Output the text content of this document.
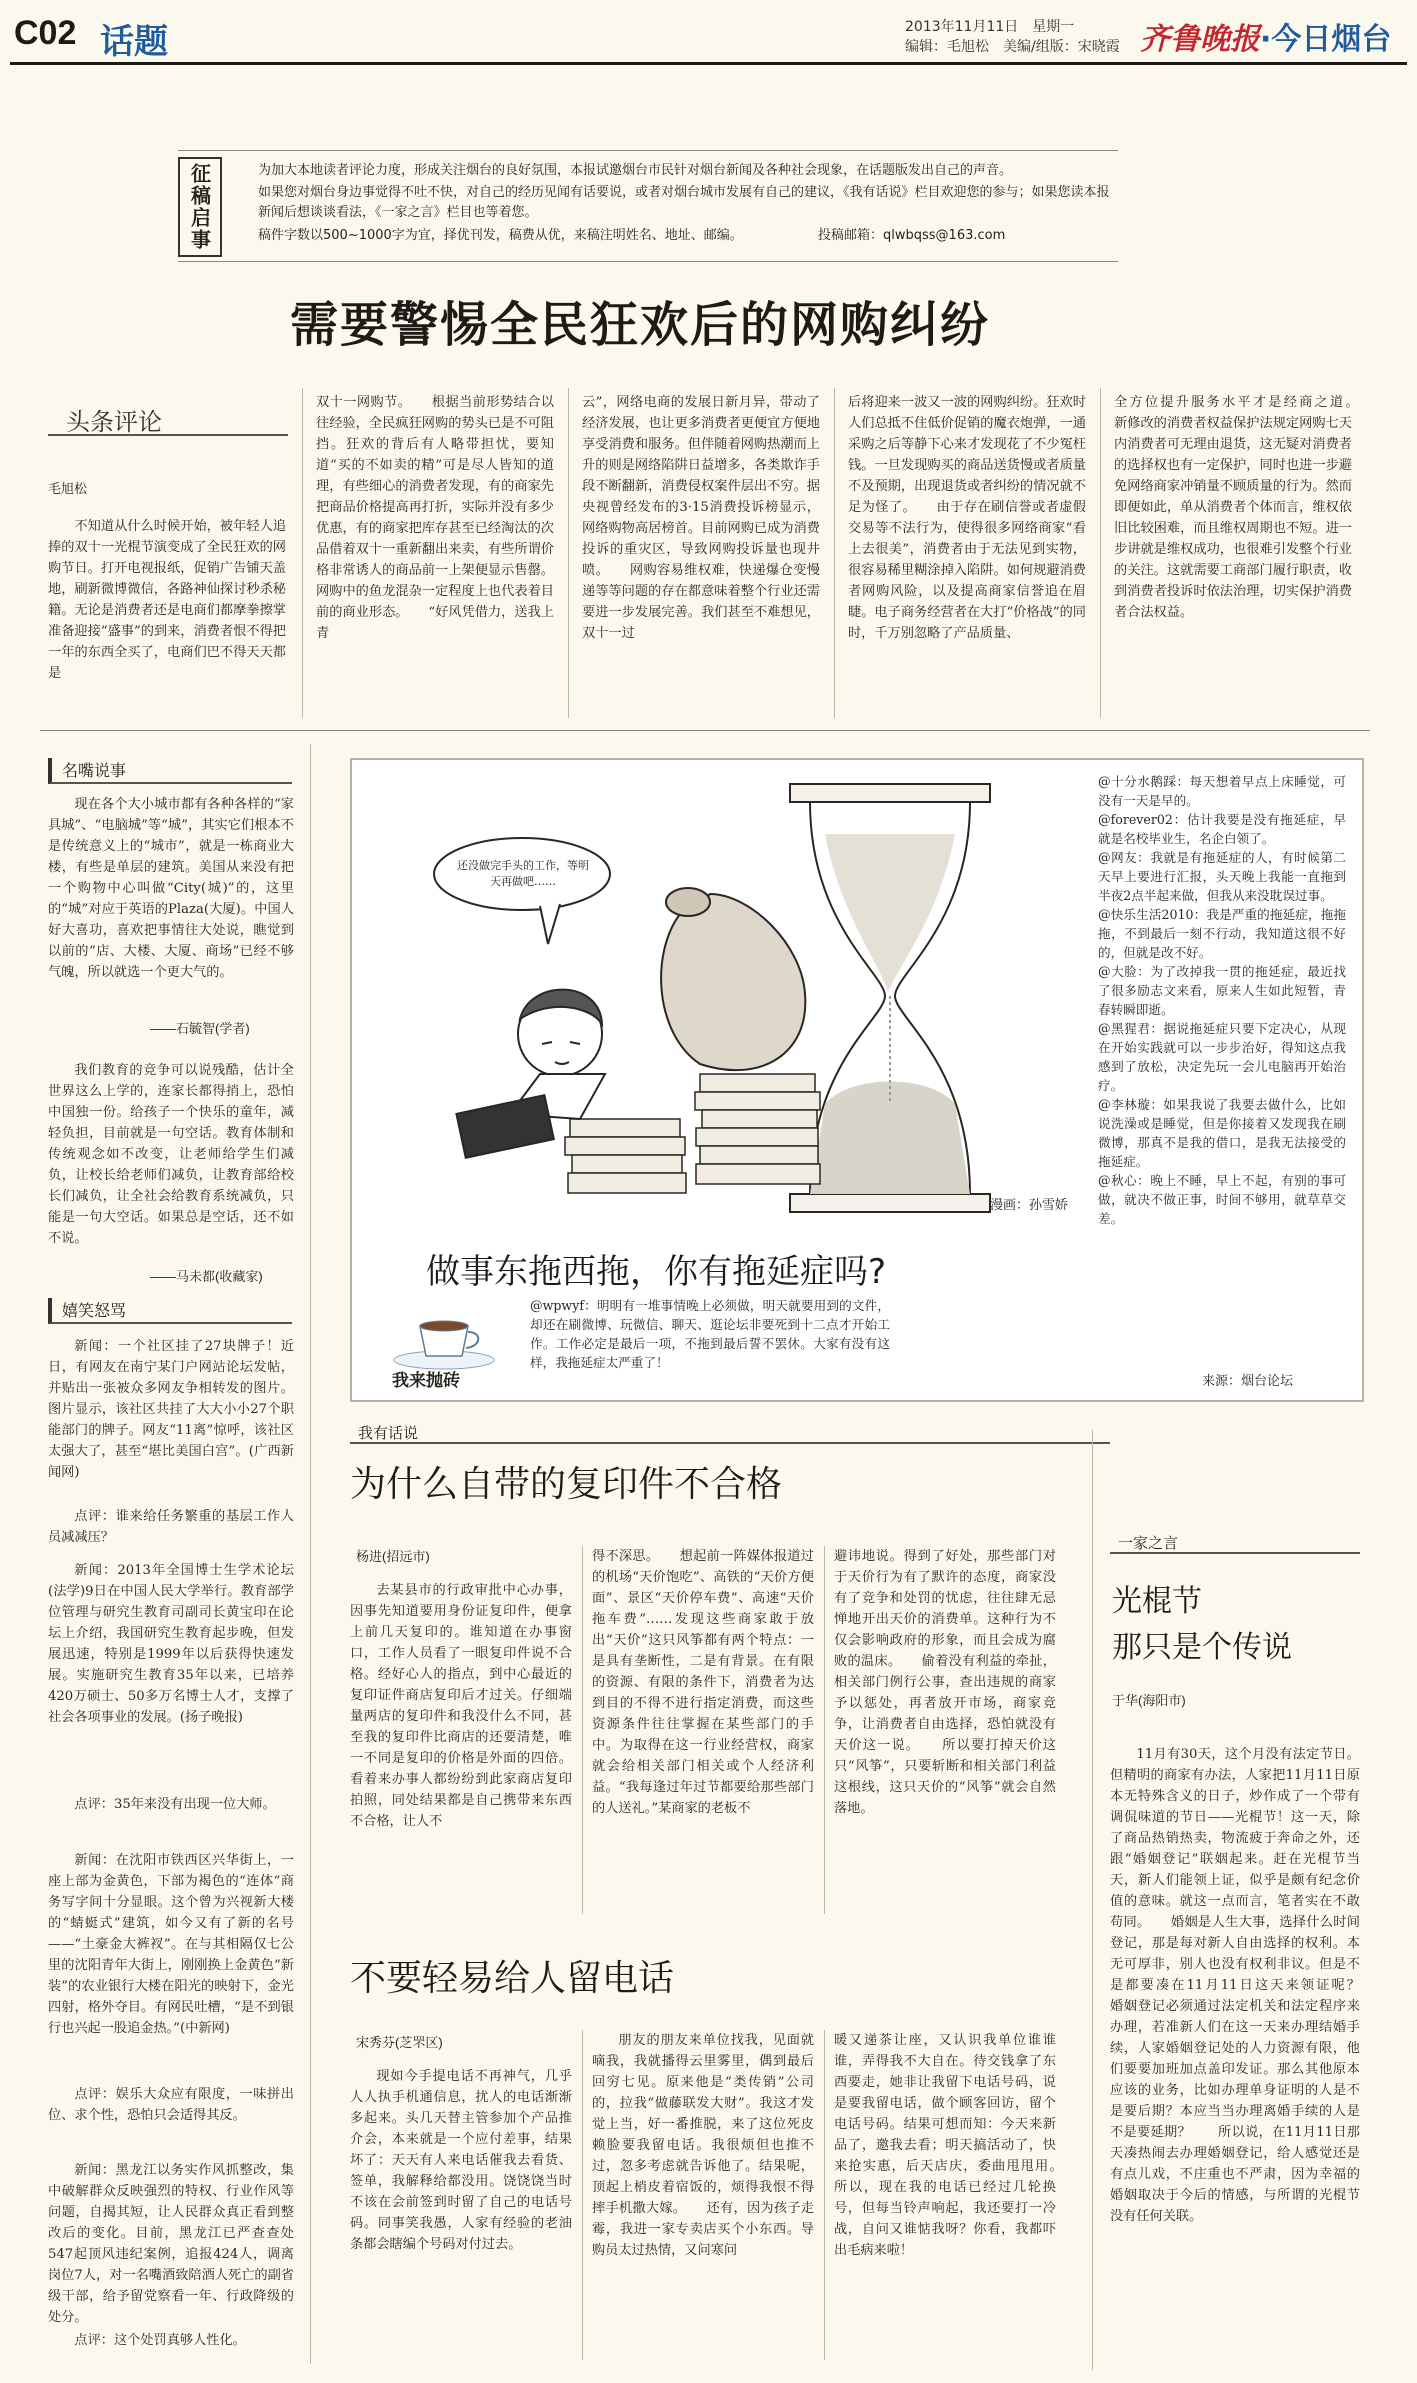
C02 话题	2013年11月11日　星期一
编辑：毛旭松　美编/组版：宋晓霞 齐鲁晚报·今日烟台
征稿启事	为加大本地读者评论力度，形成关注烟台的良好氛围，本报试邀烟台市民针对烟台新闻及各种社会现象，在话题版发出自己的声音。
如果您对烟台身边事觉得不吐不快，对自己的经历见闻有话要说，或者对烟台城市发展有自己的建议，《我有话说》栏目欢迎您的参与；如果您读本报新闻后想谈谈看法，《一家之言》栏目也等着您。
稿件字数以500~1000字为宜，择优刊发，稿费从优，来稿注明姓名、地址、邮编。	投稿邮箱：qlwbqss@163.com
需要警惕全民狂欢后的网购纠纷
头条评论
毛旭松
不知道从什么时候开始，被年轻人追捧的双十一光棍节演变成了全民狂欢的网购节日。打开电视报纸，促销广告铺天盖地，刷新微博微信，各路神仙探讨秒杀秘籍。无论是消费者还是电商们都摩拳擦掌准备迎接“盛事”的到来，消费者恨不得把一年的东西全买了，电商们巴不得天天都是
双十一网购节。　　根据当前形势结合以往经验，全民疯狂网购的势头已是不可阻挡。狂欢的背后有人略带担忧，要知道“买的不如卖的精”可是尽人皆知的道理，有些细心的消费者发现，有的商家先把商品价格提高再打折，实际并没有多少优惠，有的商家把库存甚至已经淘汰的次品借着双十一重新翻出来卖，有些所谓价格非常诱人的商品前一上架便显示售罄。网购中的鱼龙混杂一定程度上也代表着目前的商业形态。　　“好风凭借力，送我上青
云”，网络电商的发展日新月异，带动了经济发展，也让更多消费者更便宜方便地享受消费和服务。但伴随着网购热潮而上升的则是网络陷阱日益增多，各类欺诈手段不断翻新，消费侵权案件层出不穷。据央视曾经发布的3·15消费投诉榜显示，网络购物高居榜首。目前网购已成为消费投诉的重灾区，导致网购投诉量也现井喷。　　网购容易维权难，快递爆仓变慢递等等问题的存在都意味着整个行业还需要进一步发展完善。我们甚至不难想见，双十一过
后将迎来一波又一波的网购纠纷。狂欢时人们总抵不住低价促销的魔衣炮弹，一通采购之后等静下心来才发现花了不少冤枉钱。一旦发现购买的商品送货慢或者质量不及预期，出现退货或者纠纷的情况就不足为怪了。　　由于存在刷信誉或者虚假交易等不法行为，使得很多网络商家“看上去很美”，消费者由于无法见到实物，很容易稀里糊涂掉入陷阱。如何规避消费者网购风险，以及提高商家信誉追在眉睫。电子商务经营者在大打“价格战”的同时，千万别忽略了产品质量、
全方位提升服务水平才是经商之道。　　新修改的消费者权益保护法规定网购七天内消费者可无理由退货，这无疑对消费者的选择权也有一定保护，同时也进一步避免网络商家冲销量不顾质量的行为。然而即便如此，单从消费者个体而言，维权依旧比较困难，而且维权周期也不短。进一步讲就是维权成功，也很难引发整个行业的关注。这就需要工商部门履行职责，收到消费者投诉时依法治理，切实保护消费者合法权益。
名嘴说事
现在各个大小城市都有各种各样的“家具城”、“电脑城”等“城”，其实它们根本不是传统意义上的“城市”，就是一栋商业大楼，有些是单层的建筑。美国从来没有把一个购物中心叫做“City(城)”的，这里的“城”对应于英语的Plaza(大厦)。中国人好大喜功，喜欢把事情往大处说，瞧觉到以前的“店、大楼、大厦、商场”已经不够气魄，所以就选一个更大气的。
——石毓智(学者)
我们教育的竞争可以说残酷，估计全世界这么上学的，连家长都得捎上，恐怕中国独一份。给孩子一个快乐的童年，减轻负担，目前就是一句空话。教育体制和传统观念如不改变，让老师给学生们减负，让校长给老师们减负，让教育部给校长们减负，让全社会给教育系统减负，只能是一句大空话。如果总是空话，还不如不说。
——马未都(收藏家)
嬉笑怒骂
新闻：一个社区挂了27块牌子！近日，有网友在南宁某门户网站论坛发帖，并贴出一张被众多网友争相转发的图片。图片显示，该社区共挂了大大小小27个职能部门的牌子。网友“11离”惊呼，该社区太强大了，甚至“堪比美国白宫”。(广西新闻网)
点评：谁来给任务繁重的基层工作人员减减压？
新闻：2013年全国博士生学术论坛(法学)9日在中国人民大学举行。教育部学位管理与研究生教育司副司长黄宝印在论坛上介绍，我国研究生教育起步晚，但发展迅速，特别是1999年以后获得快速发展。实施研究生教育35年以来，已培养420万硕士、50多万名博士人才，支撑了社会各项事业的发展。(扬子晚报)
点评：35年来没有出现一位大师。
新闻：在沈阳市铁西区兴华街上，一座上部为金黄色，下部为褐色的“连体”商务写字间十分显眼。这个曾为兴视新大楼的“蜻蜓式”建筑，如今又有了新的名号——“土豪金大裤衩”。在与其相隔仅七公里的沈阳青年大街上，刚刚换上金黄色“新装”的农业银行大楼在阳光的映射下，金光四射，格外夺目。有网民吐槽，“是不到银行也兴起一股追金热。”(中新网)
点评：娱乐大众应有限度，一味拼出位、求个性，恐怕只会适得其反。
新闻：黑龙江以务实作风抓整改，集中破解群众反映强烈的特权、行业作风等问题，自揭其短，让人民群众真正看到整改后的变化。目前，黑龙江已严查查处547起顶风违纪案例，追报424人，调离岗位7人，对一名嘴酒致陪酒人死亡的副省级干部，给予留党察看一年、行政降级的处分。
点评：这个处罚真够人性化。
还没做完手头的工作，等明天再做吧……
漫画：孙雪娇
做事东拖西拖，你有拖延症吗?
我来抛砖
@wpwyf：明明有一堆事情晚上必须做，明天就要用到的文件，却还在刷微博、玩微信、聊天、逛论坛非要死到十二点才开始工作。工作必定是最后一项，不拖到最后誓不罢休。大家有没有这样，我拖延症太严重了！
@十分水鹅踩：每天想着早点上床睡觉，可没有一天是早的。
@forever02：估计我要是没有拖延症，早就是名校毕业生，名企白领了。
@网友：我就是有拖延症的人，有时候第二天早上要进行汇报，头天晚上我能一直拖到半夜2点半起来做，但我从来没耽误过事。
@快乐生活2010：我是严重的拖延症，拖拖拖，不到最后一刻不行动，我知道这很不好的，但就是改不好。
@大脸：为了改掉我一贯的拖延症，最近找了很多励志文来看，原来人生如此短暂，青春转瞬即逝。
@黑猩君：据说拖延症只要下定决心，从现在开始实践就可以一步步治好，得知这点我感到了放松，决定先玩一会儿电脑再开始治疗。
@李林璇：如果我说了我要去做什么，比如说洗澡或是睡觉，但是你接着又发现我在刷微博，那真不是我的借口，是我无法接受的拖延症。
@秋心：晚上不睡，早上不起，有别的事可做，就决不做正事，时间不够用，就草草交差。
来源：烟台论坛
我有话说
为什么自带的复印件不合格
杨进(招远市)
去某县市的行政审批中心办事，因事先知道要用身份证复印件，便拿上前几天复印的。谁知道在办事窗口，工作人员看了一眼复印件说不合格。经好心人的指点，到中心最近的复印证件商店复印后才过关。仔细端量两店的复印件和我没什么不同，甚至我的复印件比商店的还要清楚，唯一不同是复印的价格是外面的四倍。看着来办事人都纷纷到此家商店复印拍照，同处结果都是自己携带来东西不合格，让人不
得不深思。　　想起前一阵媒体报道过的机场“天价饱吃”、高铁的“天价方便面”、景区“天价停车费”、高速“天价拖车费”……发现这些商家敢于放出“天价”这只风筝都有两个特点：一是具有垄断性，二是有背景。在有限的资源、有限的条件下，消费者为达到目的不得不进行指定消费，而这些资源条件往往掌握在某些部门的手中。为取得在这一行业经营权，商家就会给相关部门相关或个人经济利益。“我每逢过年过节都要给那些部门的人送礼。”某商家的老板不
避讳地说。得到了好处，那些部门对于天价行为有了默许的态度，商家没有了竞争和处罚的忧虑，往往肆无忌惮地开出天价的消费单。这种行为不仅会影响政府的形象，而且会成为腐败的温床。　　偷着没有利益的牵扯，相关部门例行公事，查出违规的商家予以惩处，再者放开市场，商家竞争，让消费者自由选择，恐怕就没有天价这一说。　　所以要打掉天价这只“风筝”，只要斩断和相关部门利益这根线，这只天价的“风筝”就会自然落地。
不要轻易给人留电话
宋秀芬(芝罘区)
现如今手提电话不再神气，几乎人人执手机通信息，扰人的电话渐渐多起来。头几天替主管参加个产品推介会，本来就是一个应付差事，结果坏了：天天有人来电话催我去看货、签单，我解释给都没用。饶饶饶当时不该在会前签到时留了自己的电话号码。同事笑我愚，人家有经验的老油条都会瞎编个号码对付过去。
朋友的朋友来单位找我，见面就嘀我，我就播得云里雾里，偶到最后回穷七见。原来他是“类传销”公司的，拉我“做藤联发大财”。我这才发觉上当，好一番推脱，来了这位死皮赖脸要我留电话。我很烦但也推不过，忽多考虑就告诉他了。结果呢，顶起上梢皮着宿饭的，烦得我恨不得摔手机撒大嫁。　　还有，因为孩子走霉，我进一家专卖店买个小东西。导购员太过热情，又问寒问
暖又递茶让座，又认识我单位谁谁谁，弄得我不大自在。待交钱拿了东西要走，她非让我留下电话号码，说是要我留电话，做个顾客回访，留个电话号码。结果可想而知：今天来新品了，邀我去看；明天搞活动了，快来抢实惠，后天店庆，委曲甩甩用。　　所以，现在我的电话已经过几轮换号，但每当铃声响起，我还要打一冷战，自问又谁惦我呀？你看，我都吓出毛病来啦！
一家之言
光棍节
那只是个传说
于华(海阳市)
11月有30天，这个月没有法定节日。但精明的商家有办法，人家把11月11日原本无特殊含义的日子，炒作成了一个带有调侃味道的节日——光棍节！这一天，除了商品热销热卖，物流疲于奔命之外，还跟“婚姻登记”联姻起来。赶在光棍节当天，新人们能领上证，似乎是颇有纪念价值的意味。就这一点而言，笔者实在不敢苟同。　　婚姻是人生大事，选择什么时间登记，那是每对新人自由选择的权利。本无可厚非，别人也没有权利非议。但是不是都要凑在11月11日这天来领证呢？　　婚姻登记必须通过法定机关和法定程序来办理，若准新人们在这一天来办理结婚手续，人家婚姻登记处的人力资源有限，他们要要加班加点盖印发证。那么其他原本应该的业务，比如办理单身证明的人是不是要后期？本应当当办理离婚手续的人是不是要延期？　　所以说，在11月11日那天凑热闹去办理婚姻登记，给人感觉还是有点儿戏，不庄重也不严肃，因为幸福的婚姻取决于今后的情感，与所谓的光棍节没有任何关联。
